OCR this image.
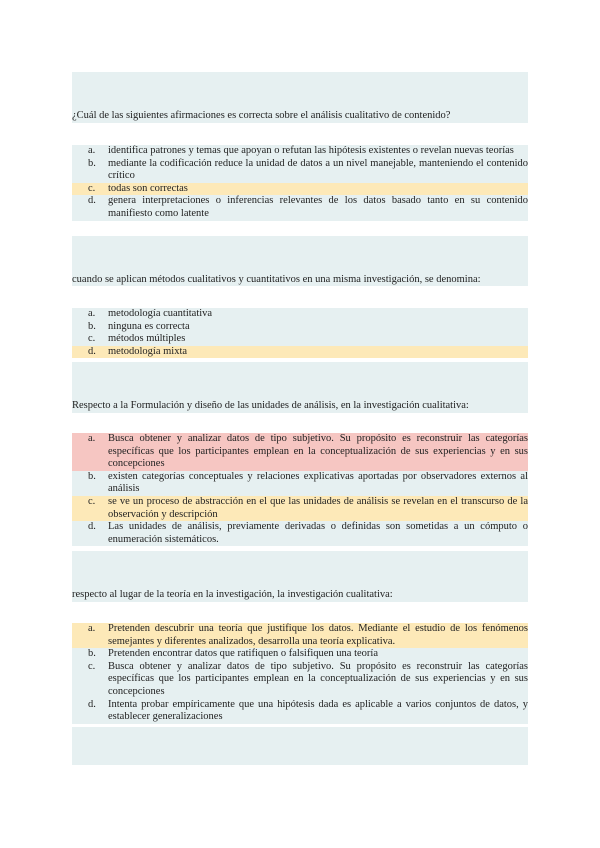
¿Cuál de las siguientes afirmaciones es correcta sobre el análisis cualitativo de contenido?
a.	identifica patrones y temas que apoyan o refutan las hipótesis existentes o revelan nuevas teorías
b.	mediante la codificación reduce la unidad de datos a un nivel manejable, manteniendo el contenido crítico
c.	todas son correctas
d.	genera interpretaciones o inferencias relevantes de los datos basado tanto en su contenido manifiesto como latente
cuando se aplican métodos cualitativos y cuantitativos en una misma investigación, se denomina:
a.	metodología cuantitativa
b.	ninguna es correcta
c.	métodos múltiples
d.	metodología mixta
Respecto a la Formulación y diseño de las unidades de análisis, en la investigación cualitativa:
a.	Busca obtener y analizar datos de tipo subjetivo. Su propósito es reconstruir las categorías específicas que los participantes emplean en la conceptualización de sus experiencias y en sus concepciones
b.	existen categorías conceptuales y relaciones explicativas aportadas por observadores externos al análisis
c.	se ve un proceso de abstracción en el que las unidades de análisis se revelan en el transcurso de la observación y descripción
d.	Las unidades de análisis, previamente derivadas o definidas son sometidas a un cómputo o enumeración sistemáticos.
respecto al lugar de la teoría en la investigación, la investigación cualitativa:
a.	Pretenden descubrir una teoría que justifique los datos. Mediante el estudio de los fenómenos semejantes y diferentes analizados, desarrolla una teoría explicativa.
b.	Pretenden encontrar datos que ratifiquen o falsifiquen una teoría
c.	Busca obtener y analizar datos de tipo subjetivo. Su propósito es reconstruir las categorías específicas que los participantes emplean en la conceptualización de sus experiencias y en sus concepciones
d.	Intenta probar empíricamente que una hipótesis dada es aplicable a varios conjuntos de datos, y establecer generalizaciones
